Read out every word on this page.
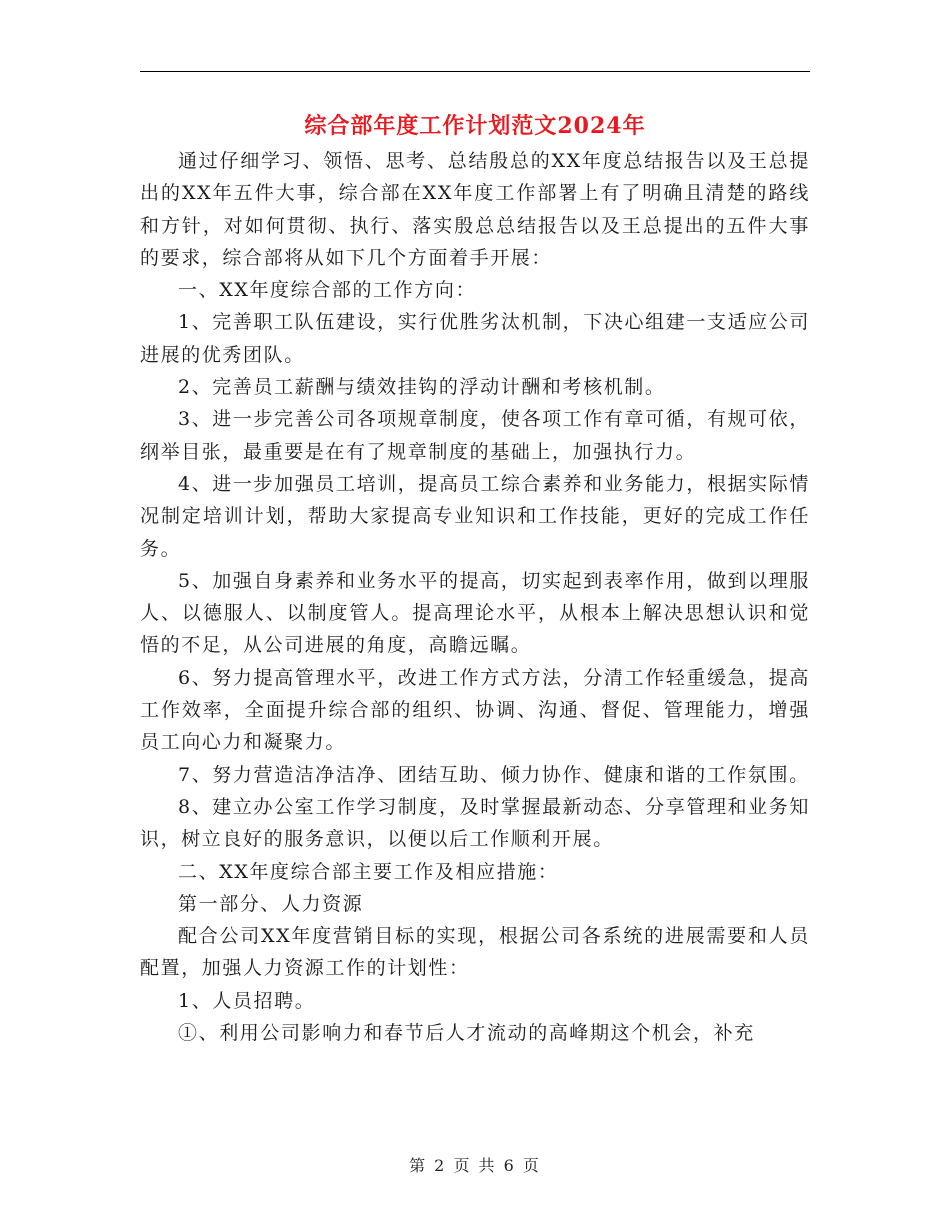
综合部年度工作计划范文2024年

通过仔细学习、领悟、思考、总结殷总的XX年度总结报告以及王总提出的XX年五件大事，综合部在XX年度工作部署上有了明确且清楚的路线和方针，对如何贯彻、执行、落实殷总总结报告以及王总提出的五件大事的要求，综合部将从如下几个方面着手开展：

一、XX年度综合部的工作方向：

1、完善职工队伍建设，实行优胜劣汰机制，下决心组建一支适应公司进展的优秀团队。

2、完善员工薪酬与绩效挂钩的浮动计酬和考核机制。

3、进一步完善公司各项规章制度，使各项工作有章可循，有规可依，纲举目张，最重要是在有了规章制度的基础上，加强执行力。

4、进一步加强员工培训，提高员工综合素养和业务能力，根据实际情况制定培训计划，帮助大家提高专业知识和工作技能，更好的完成工作任务。

5、加强自身素养和业务水平的提高，切实起到表率作用，做到以理服人、以德服人、以制度管人。提高理论水平，从根本上解决思想认识和觉悟的不足，从公司进展的角度，高瞻远瞩。

6、努力提高管理水平，改进工作方式方法，分清工作轻重缓急，提高工作效率，全面提升综合部的组织、协调、沟通、督促、管理能力，增强员工向心力和凝聚力。

7、努力营造洁净洁净、团结互助、倾力协作、健康和谐的工作氛围。

8、建立办公室工作学习制度，及时掌握最新动态、分享管理和业务知识，树立良好的服务意识，以便以后工作顺利开展。

二、XX年度综合部主要工作及相应措施：

第一部分、人力资源

配合公司XX年度营销目标的实现，根据公司各系统的进展需要和人员配置，加强人力资源工作的计划性：

1、人员招聘。

①、利用公司影响力和春节后人才流动的高峰期这个机会，补充

第 2 页 共 6 页
